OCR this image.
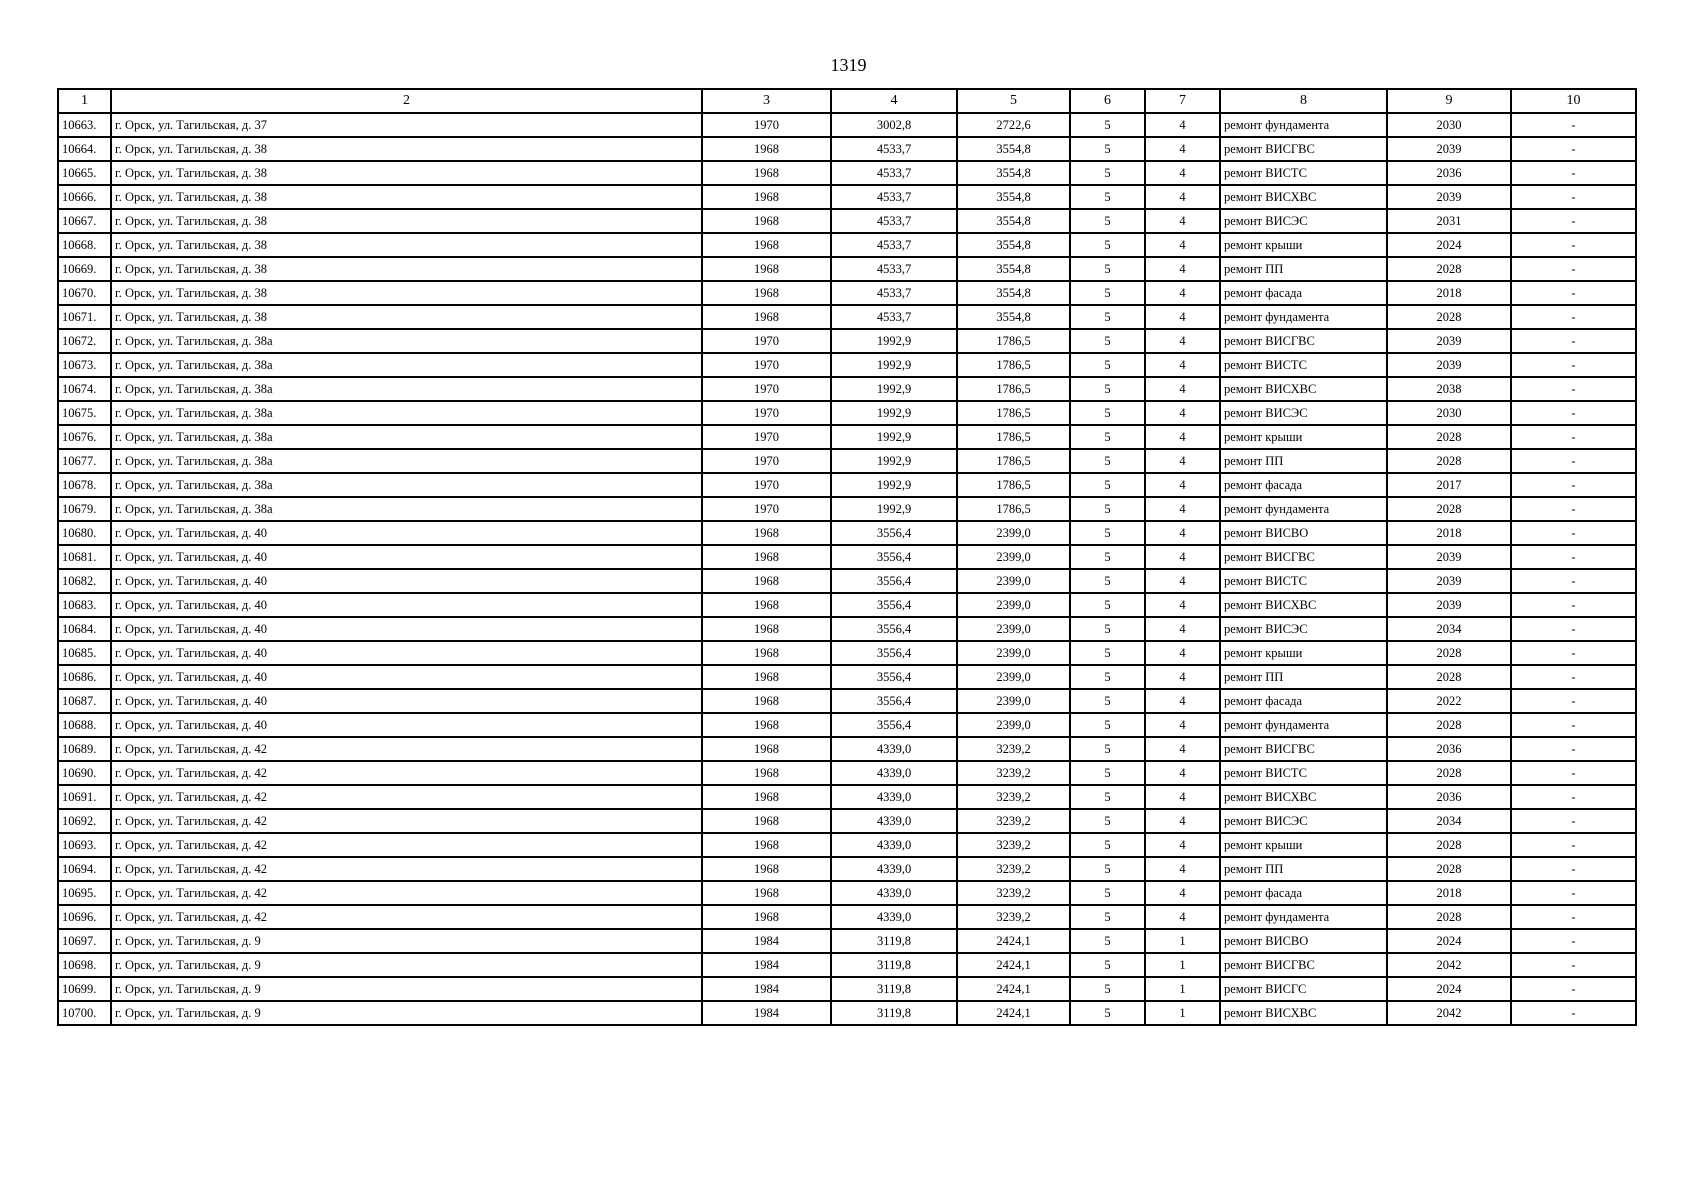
1319
1	2	3	4	5	6	7	8	9	10
10663.	г. Орск, ул. Тагильская, д. 37	1970	3002,8	2722,6	5	4	ремонт фундамента	2030	-
10664.	г. Орск, ул. Тагильская, д. 38	1968	4533,7	3554,8	5	4	ремонт ВИСГВС	2039	-
10665.	г. Орск, ул. Тагильская, д. 38	1968	4533,7	3554,8	5	4	ремонт ВИСТС	2036	-
10666.	г. Орск, ул. Тагильская, д. 38	1968	4533,7	3554,8	5	4	ремонт ВИСХВС	2039	-
10667.	г. Орск, ул. Тагильская, д. 38	1968	4533,7	3554,8	5	4	ремонт ВИСЭС	2031	-
10668.	г. Орск, ул. Тагильская, д. 38	1968	4533,7	3554,8	5	4	ремонт крыши	2024	-
10669.	г. Орск, ул. Тагильская, д. 38	1968	4533,7	3554,8	5	4	ремонт ПП	2028	-
10670.	г. Орск, ул. Тагильская, д. 38	1968	4533,7	3554,8	5	4	ремонт фасада	2018	-
10671.	г. Орск, ул. Тагильская, д. 38	1968	4533,7	3554,8	5	4	ремонт фундамента	2028	-
10672.	г. Орск, ул. Тагильская, д. 38а	1970	1992,9	1786,5	5	4	ремонт ВИСГВС	2039	-
10673.	г. Орск, ул. Тагильская, д. 38а	1970	1992,9	1786,5	5	4	ремонт ВИСТС	2039	-
10674.	г. Орск, ул. Тагильская, д. 38а	1970	1992,9	1786,5	5	4	ремонт ВИСХВС	2038	-
10675.	г. Орск, ул. Тагильская, д. 38а	1970	1992,9	1786,5	5	4	ремонт ВИСЭС	2030	-
10676.	г. Орск, ул. Тагильская, д. 38а	1970	1992,9	1786,5	5	4	ремонт крыши	2028	-
10677.	г. Орск, ул. Тагильская, д. 38а	1970	1992,9	1786,5	5	4	ремонт ПП	2028	-
10678.	г. Орск, ул. Тагильская, д. 38а	1970	1992,9	1786,5	5	4	ремонт фасада	2017	-
10679.	г. Орск, ул. Тагильская, д. 38а	1970	1992,9	1786,5	5	4	ремонт фундамента	2028	-
10680.	г. Орск, ул. Тагильская, д. 40	1968	3556,4	2399,0	5	4	ремонт ВИСВО	2018	-
10681.	г. Орск, ул. Тагильская, д. 40	1968	3556,4	2399,0	5	4	ремонт ВИСГВС	2039	-
10682.	г. Орск, ул. Тагильская, д. 40	1968	3556,4	2399,0	5	4	ремонт ВИСТС	2039	-
10683.	г. Орск, ул. Тагильская, д. 40	1968	3556,4	2399,0	5	4	ремонт ВИСХВС	2039	-
10684.	г. Орск, ул. Тагильская, д. 40	1968	3556,4	2399,0	5	4	ремонт ВИСЭС	2034	-
10685.	г. Орск, ул. Тагильская, д. 40	1968	3556,4	2399,0	5	4	ремонт крыши	2028	-
10686.	г. Орск, ул. Тагильская, д. 40	1968	3556,4	2399,0	5	4	ремонт ПП	2028	-
10687.	г. Орск, ул. Тагильская, д. 40	1968	3556,4	2399,0	5	4	ремонт фасада	2022	-
10688.	г. Орск, ул. Тагильская, д. 40	1968	3556,4	2399,0	5	4	ремонт фундамента	2028	-
10689.	г. Орск, ул. Тагильская, д. 42	1968	4339,0	3239,2	5	4	ремонт ВИСГВС	2036	-
10690.	г. Орск, ул. Тагильская, д. 42	1968	4339,0	3239,2	5	4	ремонт ВИСТС	2028	-
10691.	г. Орск, ул. Тагильская, д. 42	1968	4339,0	3239,2	5	4	ремонт ВИСХВС	2036	-
10692.	г. Орск, ул. Тагильская, д. 42	1968	4339,0	3239,2	5	4	ремонт ВИСЭС	2034	-
10693.	г. Орск, ул. Тагильская, д. 42	1968	4339,0	3239,2	5	4	ремонт крыши	2028	-
10694.	г. Орск, ул. Тагильская, д. 42	1968	4339,0	3239,2	5	4	ремонт ПП	2028	-
10695.	г. Орск, ул. Тагильская, д. 42	1968	4339,0	3239,2	5	4	ремонт фасада	2018	-
10696.	г. Орск, ул. Тагильская, д. 42	1968	4339,0	3239,2	5	4	ремонт фундамента	2028	-
10697.	г. Орск, ул. Тагильская, д. 9	1984	3119,8	2424,1	5	1	ремонт ВИСВО	2024	-
10698.	г. Орск, ул. Тагильская, д. 9	1984	3119,8	2424,1	5	1	ремонт ВИСГВС	2042	-
10699.	г. Орск, ул. Тагильская, д. 9	1984	3119,8	2424,1	5	1	ремонт ВИСГС	2024	-
10700.	г. Орск, ул. Тагильская, д. 9	1984	3119,8	2424,1	5	1	ремонт ВИСХВС	2042	-
